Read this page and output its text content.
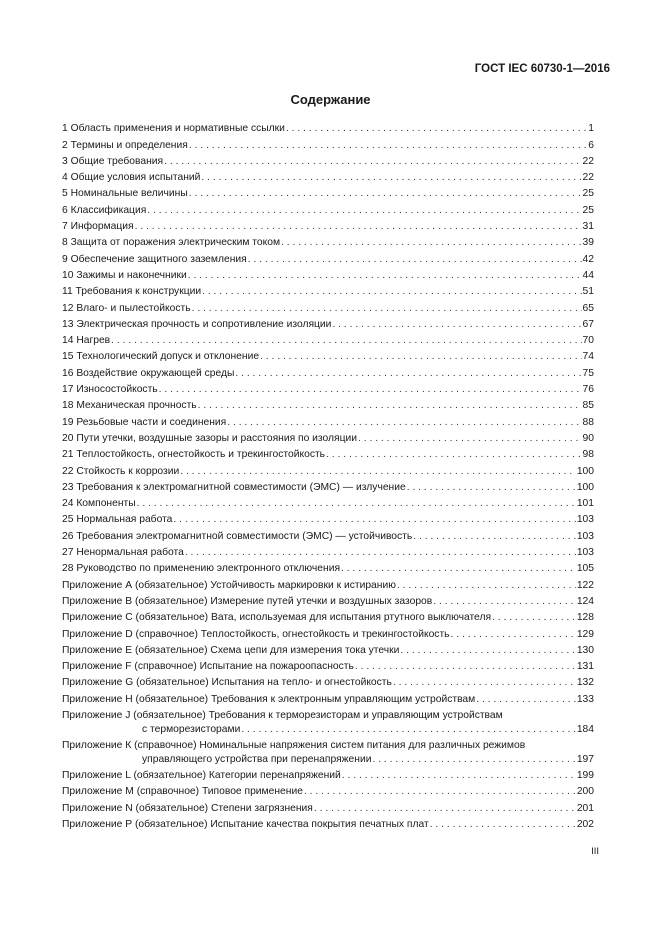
ГОСТ IEC 60730-1—2016
Содержание
1 Область применения и нормативные ссылки . . .	1
2 Термины и определения . . .	6
3 Общие требования . . .	22
4 Общие условия испытаний . . .	22
5 Номинальные величины . . .	25
6 Классификация . . .	25
7 Информация . . .	31
8 Защита от поражения электрическим током . . .	39
9 Обеспечение защитного заземления . . .	42
10 Зажимы и наконечники . . .	44
11 Требования к конструкции . . .	51
12 Влаго- и пылестойкость . . .	65
13 Электрическая прочность и сопротивление изоляции . . .	67
14 Нагрев . . .	70
15 Технологический допуск и отклонение . . .	74
16 Воздействие окружающей среды . . .	75
17 Износостойкость . . .	76
18 Механическая прочность . . .	85
19 Резьбовые части и соединения . . .	88
20 Пути утечки, воздушные зазоры и расстояния по изоляции . . .	90
21 Теплостойкость, огнестойкость и трекингостойкость . . .	98
22 Стойкость к коррозии . . .	100
23 Требования к электромагнитной совместимости (ЭМС) — излучение . . .	100
24 Компоненты . . .	101
25 Нормальная работа . . .	103
26 Требования электромагнитной совместимости (ЭМС) — устойчивость . . .	103
27 Ненормальная работа . . .	103
28 Руководство по применению электронного отключения . . .	105
Приложение А (обязательное) Устойчивость маркировки к истиранию . . .	122
Приложение В (обязательное) Измерение путей утечки и воздушных зазоров . . .	124
Приложение С (обязательное) Вата, используемая для испытания ртутного выключателя . . .	128
Приложение D (справочное) Теплостойкость, огнестойкость и трекингостойкость . . .	129
Приложение Е (обязательное) Схема цепи для измерения тока утечки . . .	130
Приложение F (справочное) Испытание на пожароопасность . . .	131
Приложение G (обязательное) Испытания на тепло- и огнестойкость . . .	132
Приложение Н (обязательное) Требования к электронным управляющим устройствам . . .	133
Приложение J (обязательное) Требования к терморезисторам и управляющим устройствам
с терморезисторами . . .	184
Приложение К (справочное) Номинальные напряжения систем питания для различных режимов
управляющего устройства при перенапряжении . . .	197
Приложение L (обязательное) Категории перенапряжений . . .	199
Приложение М (справочное) Типовое применение . . .	200
Приложение N (обязательное) Степени загрязнения . . .	201
Приложение Р (обязательное) Испытание качества покрытия печатных плат . . .	202
III
